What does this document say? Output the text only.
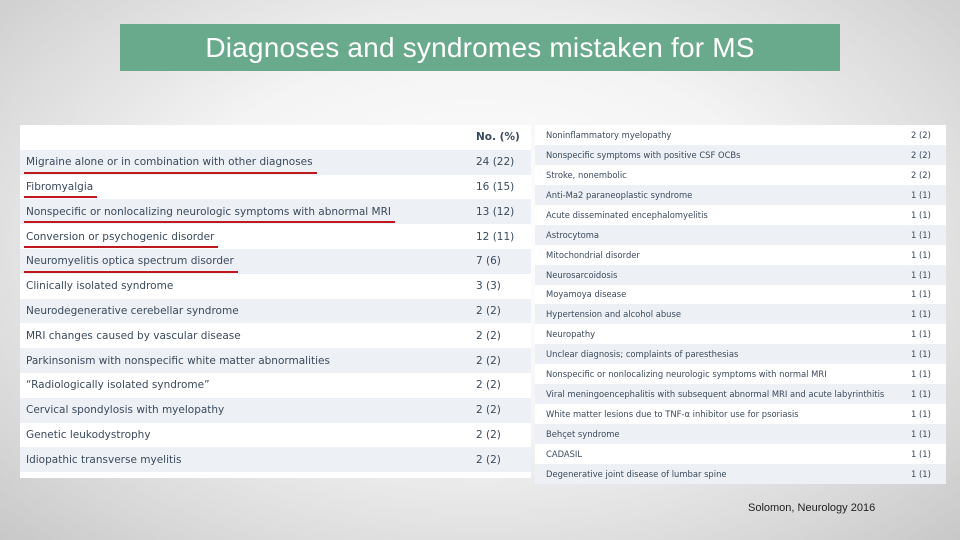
Diagnoses and syndromes mistaken for MS
No. (%)
Migraine alone or in combination with other diagnoses	24 (22)
Fibromyalgia	16 (15)
Nonspecific or nonlocalizing neurologic symptoms with abnormal MRI	13 (12)
Conversion or psychogenic disorder	12 (11)
Neuromyelitis optica spectrum disorder	7 (6)
Clinically isolated syndrome	3 (3)
Neurodegenerative cerebellar syndrome	2 (2)
MRI changes caused by vascular disease	2 (2)
Parkinsonism with nonspecific white matter abnormalities	2 (2)
“Radiologically isolated syndrome”	2 (2)
Cervical spondylosis with myelopathy	2 (2)
Genetic leukodystrophy	2 (2)
Idiopathic transverse myelitis	2 (2)
Noninflammatory myelopathy	2 (2)
Nonspecific symptoms with positive CSF OCBs	2 (2)
Stroke, nonembolic	2 (2)
Anti-Ma2 paraneoplastic syndrome	1 (1)
Acute disseminated encephalomyelitis	1 (1)
Astrocytoma	1 (1)
Mitochondrial disorder	1 (1)
Neurosarcoidosis	1 (1)
Moyamoya disease	1 (1)
Hypertension and alcohol abuse	1 (1)
Neuropathy	1 (1)
Unclear diagnosis; complaints of paresthesias	1 (1)
Nonspecific or nonlocalizing neurologic symptoms with normal MRI	1 (1)
Viral meningoencephalitis with subsequent abnormal MRI and acute labyrinthitis	1 (1)
White matter lesions due to TNF-α inhibitor use for psoriasis	1 (1)
Behçet syndrome	1 (1)
CADASIL	1 (1)
Degenerative joint disease of lumbar spine	1 (1)
Solomon, Neurology 2016
